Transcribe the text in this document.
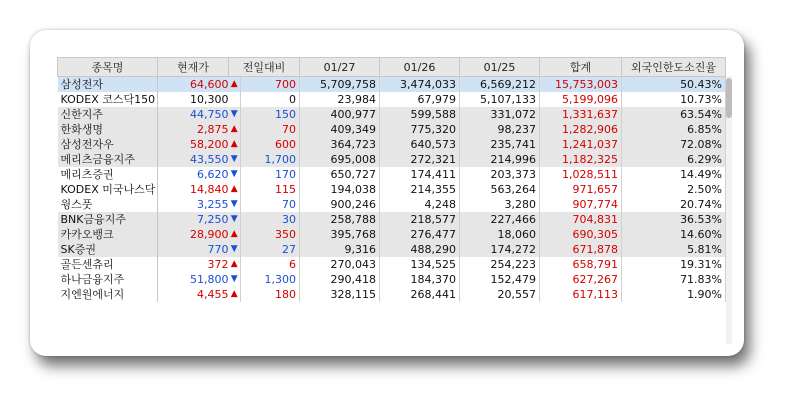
종목명	현재가	전일대비		01/27	01/26	01/25	합계	외국인한도소진율
삼성전자	64,600	▲	700	5,709,758	3,474,033	6,569,212	15,753,003	50.43%
KODEX 코스닥150	10,300		0	23,984	67,979	5,107,133	5,199,096	10.73%
신한지주	44,750	▼	150	400,977	599,588	331,072	1,331,637	63.54%
한화생명	2,875	▲	70	409,349	775,320	98,237	1,282,906	6.85%
삼성전자우	58,200	▲	600	364,723	640,573	235,741	1,241,037	72.08%
메리츠금융지주	43,550	▼	1,700	695,008	272,321	214,996	1,182,325	6.29%
메리츠증권	6,620	▼	170	650,727	174,411	203,373	1,028,511	14.49%
KODEX 미국나스닥	14,840	▲	115	194,038	214,355	563,264	971,657	2.50%
윙스풋	3,255	▼	70	900,246	4,248	3,280	907,774	20.74%
BNK금융지주	7,250	▼	30	258,788	218,577	227,466	704,831	36.53%
카카오뱅크	28,900	▲	350	395,768	276,477	18,060	690,305	14.60%
SK증권	770	▼	27	9,316	488,290	174,272	671,878	5.81%
골든센츄리	372	▲	6	270,043	134,525	254,223	658,791	19.31%
하나금융지주	51,800	▼	1,300	290,418	184,370	152,479	627,267	71.83%
지엔원에너지	4,455	▲	180	328,115	268,441	20,557	617,113	1.90%
